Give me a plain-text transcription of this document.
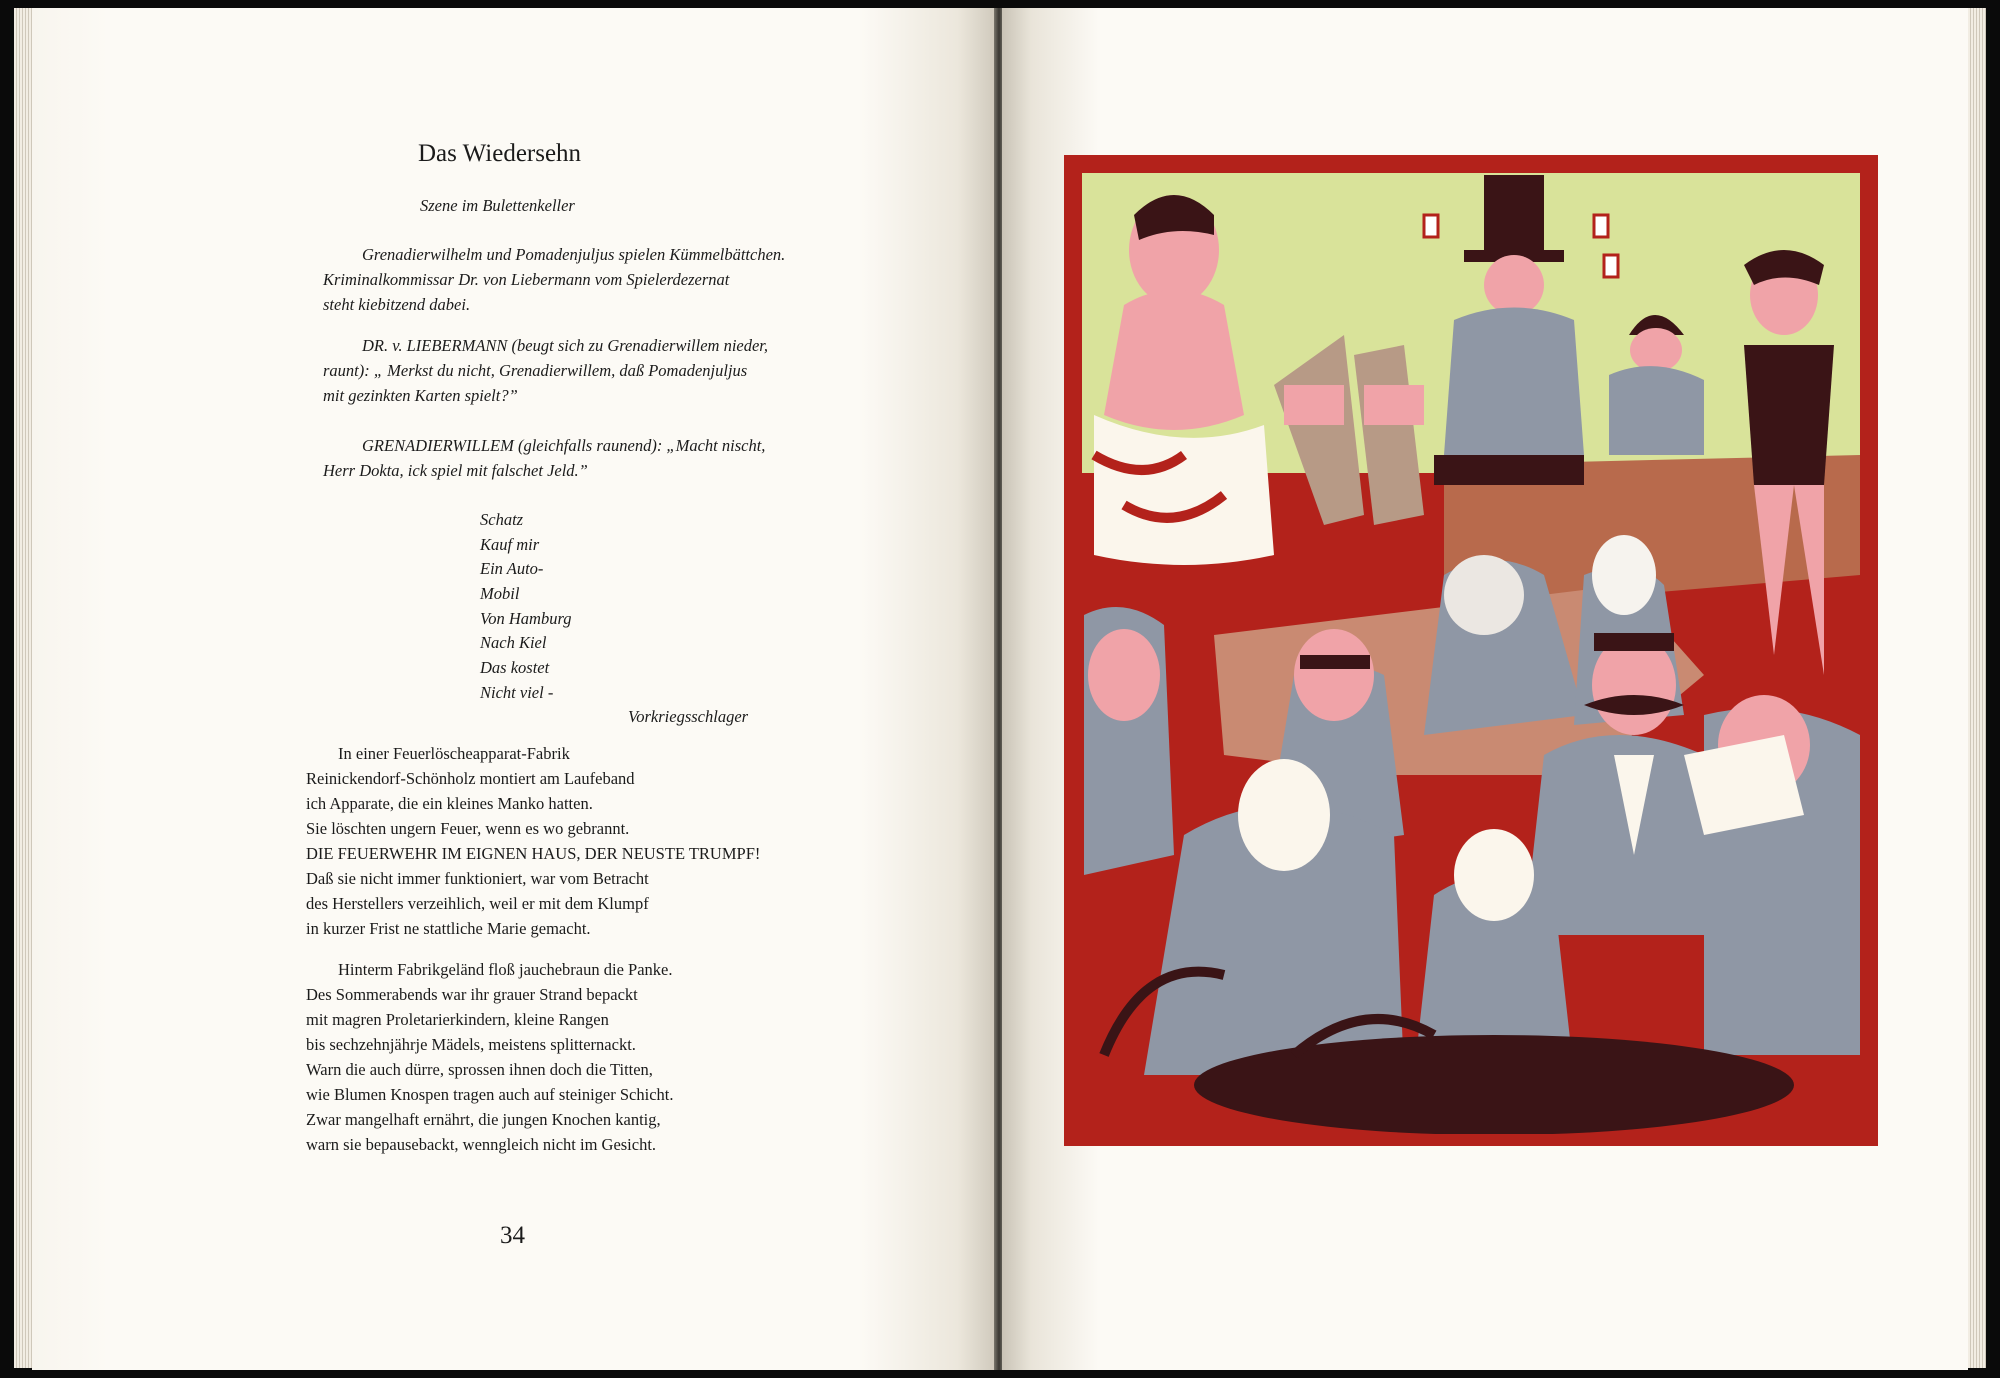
Das Wiedersehn
Szene im Bulettenkeller
Grenadierwilhelm und Pomadenjuljus spielen Kümmelbättchen.
Kriminalkommissar Dr. von Liebermann vom Spielerdezernat
steht kiebitzend dabei.
DR. v. LIEBERMANN (beugt sich zu Grenadierwillem nieder,
raunt): „ Merkst du nicht, Grenadierwillem, daß Pomadenjuljus
mit gezinkten Karten spielt?”
GRENADIERWILLEM (gleichfalls raunend): „Macht nischt,
Herr Dokta, ick spiel mit falschet Jeld.”
Schatz
Kauf mir
Ein Auto-
Mobil
Von Hamburg
Nach Kiel
Das kostet
Nicht viel -
Vorkriegsschlager
In einer Feuerlöscheapparat-Fabrik
Reinickendorf-Schönholz montiert am Laufeband
ich Apparate, die ein kleines Manko hatten.
Sie löschten ungern Feuer, wenn es wo gebrannt.
DIE FEUERWEHR IM EIGNEN HAUS, DER NEUSTE TRUMPF!
Daß sie nicht immer funktioniert, war vom Betracht
des Herstellers verzeihlich, weil er mit dem Klumpf
in kurzer Frist ne stattliche Marie gemacht.
Hinterm Fabrikgeländ floß jauchebraun die Panke.
Des Sommerabends war ihr grauer Strand bepackt
mit magren Proletarierkindern, kleine Rangen
bis sechzehnjährje Mädels, meistens splitternackt.
Warn die auch dürre, sprossen ihnen doch die Titten,
wie Blumen Knospen tragen auch auf steiniger Schicht.
Zwar mangelhaft ernährt, die jungen Knochen kantig,
warn sie bepausebackt, wenngleich nicht im Gesicht.
34
